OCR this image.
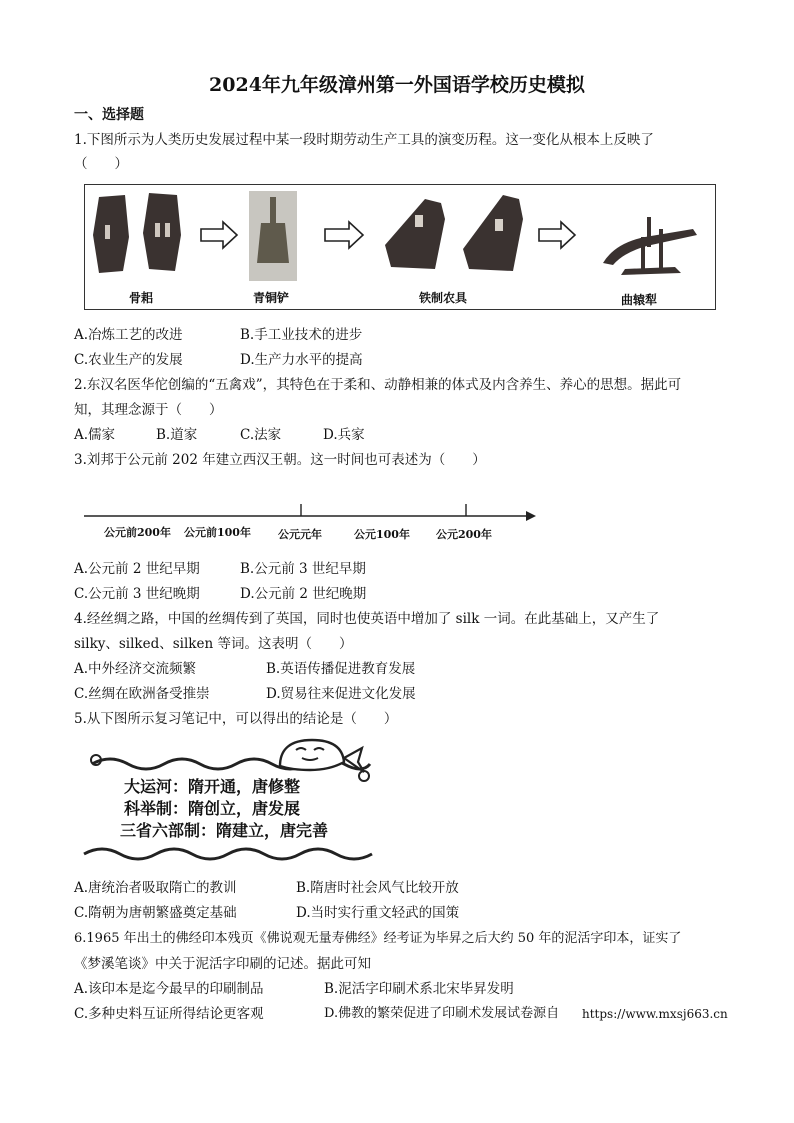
2024年九年级漳州第一外国语学校历史模拟
一、选择题
1.下图所示为人类历史发展过程中某一段时期劳动生产工具的演变历程。这一变化从根本上反映了
（　　）
骨耜	青铜铲	铁制农具	曲辕犁
A.冶炼工艺的改进	B.手工业技术的进步
C.农业生产的发展	D.生产力水平的提高
2.东汉名医华佗创编的“五禽戏”，其特色在于柔和、动静相兼的体式及内含养生、养心的思想。据此可
知，其理念源于（　　）
A.儒家	B.道家	C.法家	D.兵家
3.刘邦于公元前 202 年建立西汉王朝。这一时间也可表述为（　　）
公元前200年 公元前100年 公元元年	公元100年 公元200年
A.公元前 2 世纪早期	B.公元前 3 世纪早期
C.公元前 3 世纪晚期	D.公元前 2 世纪晚期
4.经丝绸之路，中国的丝绸传到了英国，同时也使英语中增加了 silk 一词。在此基础上，又产生了
silky、silked、silken 等词。这表明（　　）
A.中外经济交流频繁	B.英语传播促进教育发展
C.丝绸在欧洲备受推崇	D.贸易往来促进文化发展
5.从下图所示复习笔记中，可以得出的结论是（　　）
大运河：隋开通，唐修整
科举制：隋创立，唐发展
三省六部制：隋建立，唐完善
A.唐统治者吸取隋亡的教训	B.隋唐时社会风气比较开放
C.隋朝为唐朝繁盛奠定基础	D.当时实行重文轻武的国策
6.1965 年出土的佛经印本残页《佛说观无量寿佛经》经考证为毕昇之后大约 50 年的泥活字印本，证实了
《梦溪笔谈》中关于泥活字印刷的记述。据此可知
A.该印本是迄今最早的印刷制品	B.泥活字印刷术系北宋毕昇发明
C.多种史料互证所得结论更客观	D.佛教的繁荣促进了印刷术发展试卷源自 https://www.mxsj663.cn
